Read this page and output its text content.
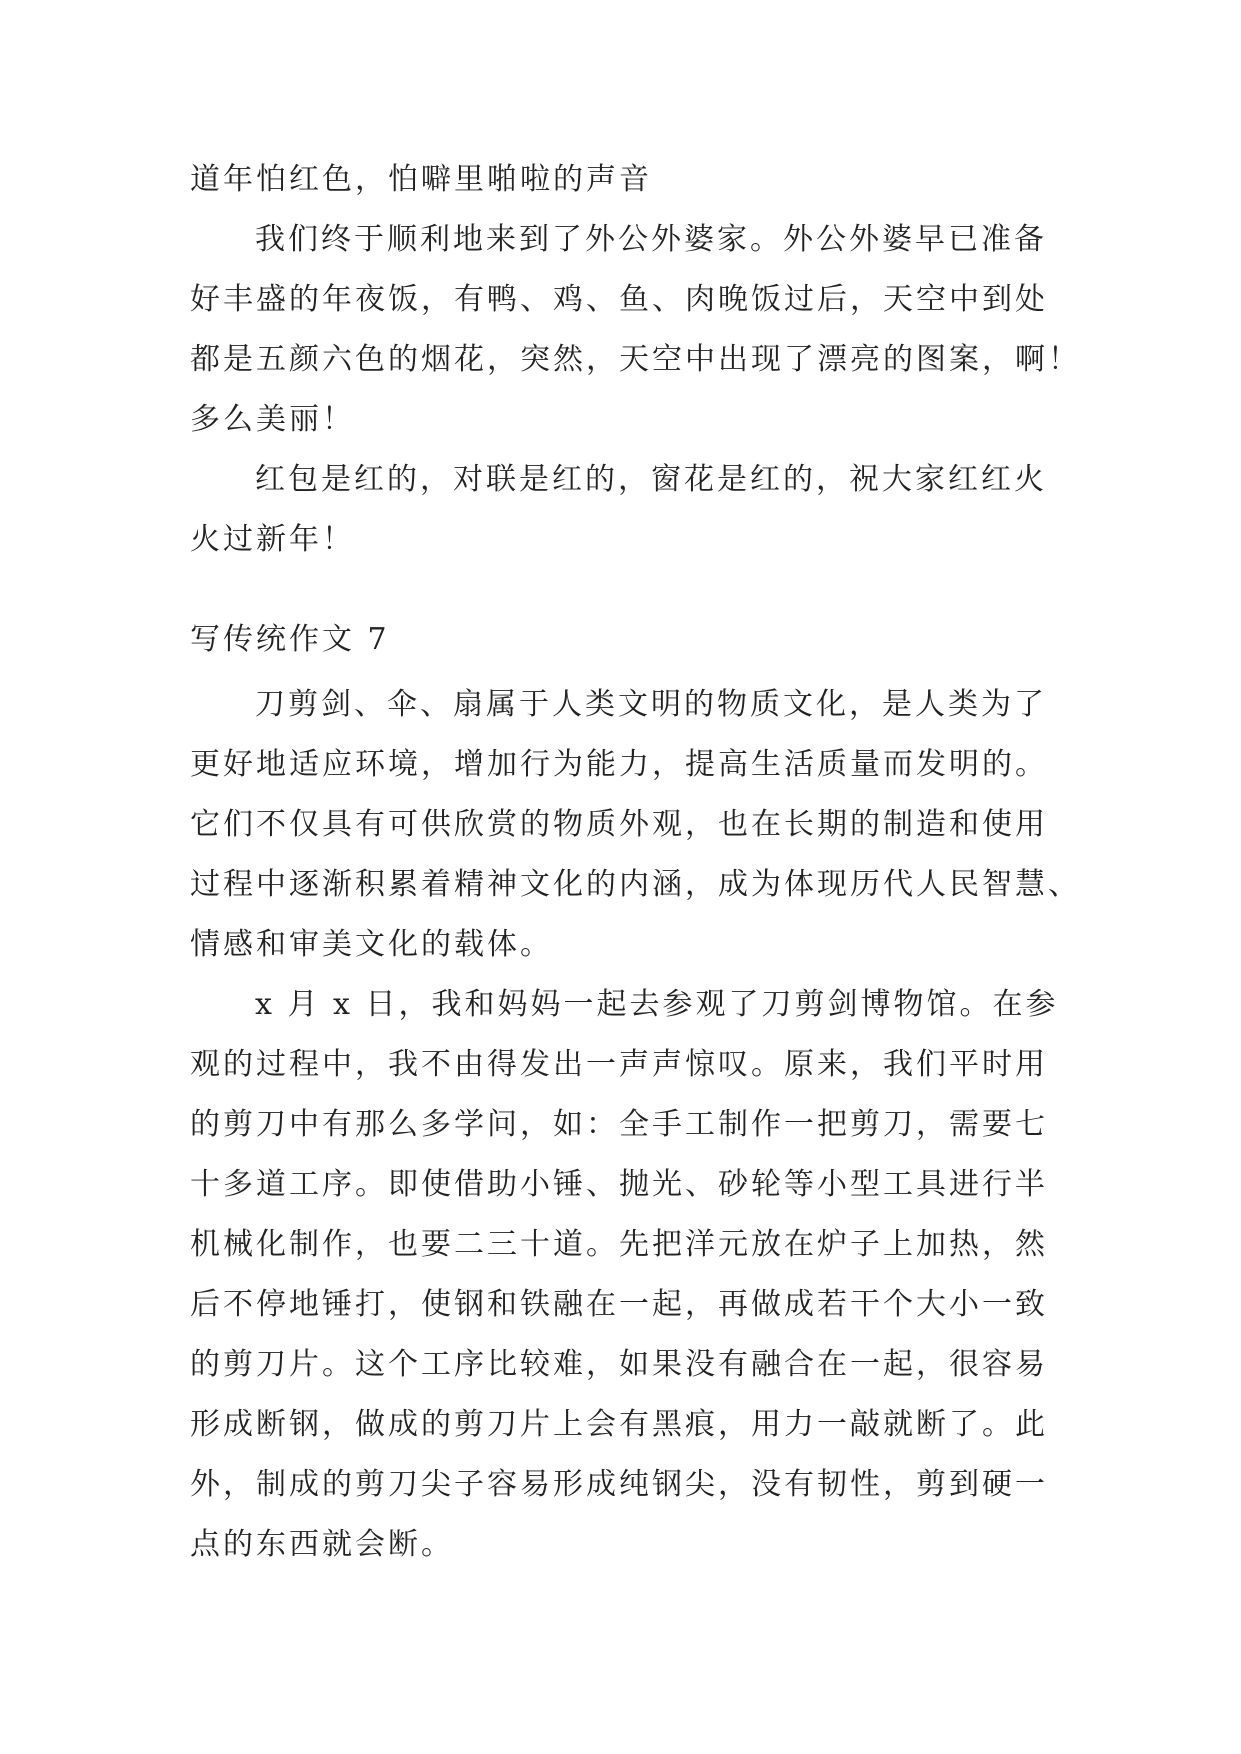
道年怕红色，怕噼里啪啦的声音
我们终于顺利地来到了外公外婆家。外公外婆早已准备
好丰盛的年夜饭，有鸭、鸡、鱼、肉晚饭过后，天空中到处
都是五颜六色的烟花，突然，天空中出现了漂亮的图案，啊！
多么美丽！
红包是红的，对联是红的，窗花是红的，祝大家红红火
火过新年！
写传统作文 7
刀剪剑、伞、扇属于人类文明的物质文化，是人类为了
更好地适应环境，增加行为能力，提高生活质量而发明的。
它们不仅具有可供欣赏的物质外观，也在长期的制造和使用
过程中逐渐积累着精神文化的内涵，成为体现历代人民智慧、
情感和审美文化的载体。
x 月 x 日，我和妈妈一起去参观了刀剪剑博物馆。在参
观的过程中，我不由得发出一声声惊叹。原来，我们平时用
的剪刀中有那么多学问，如：全手工制作一把剪刀，需要七
十多道工序。即使借助小锤、抛光、砂轮等小型工具进行半
机械化制作，也要二三十道。先把洋元放在炉子上加热，然
后不停地锤打，使钢和铁融在一起，再做成若干个大小一致
的剪刀片。这个工序比较难，如果没有融合在一起，很容易
形成断钢，做成的剪刀片上会有黑痕，用力一敲就断了。此
外，制成的剪刀尖子容易形成纯钢尖，没有韧性，剪到硬一
点的东西就会断。
